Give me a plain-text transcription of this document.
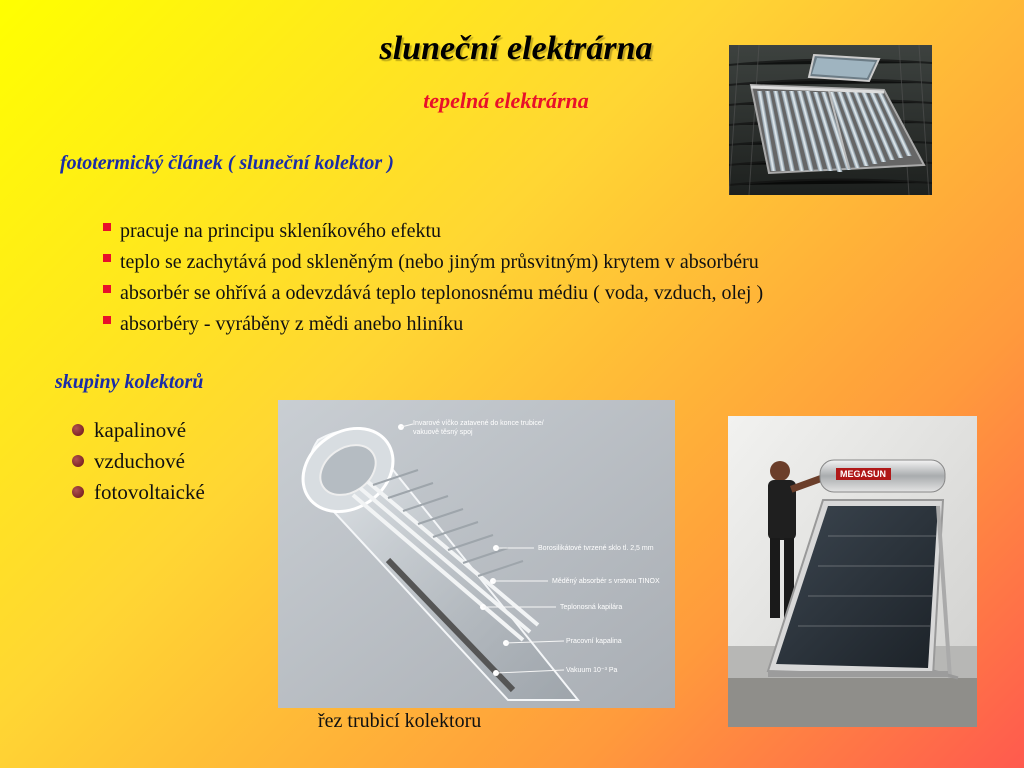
sluneční elektrárna
tepelná elektrárna
fototermický článek ( sluneční kolektor )
pracuje na principu skleníkového efektu
teplo se zachytává pod skleněným (nebo jiným průsvitným) krytem v absorbéru
absorbér se ohřívá a odevzdává teplo teplonosnému médiu ( voda, vzduch, olej )
absorbéry - vyráběny z mědi anebo hliníku
skupiny kolektorů
kapalinové
vzduchové
fotovoltaické
Invarové víčko zatavené do konce trubice/
vakuově těsný spoj
Borosilikátové tvrzené sklo tl. 2,5 mm
Měděný absorbér s vrstvou TINOX
Teplonosná kapilára
Pracovní kapalina
Vakuum 10⁻³ Pa
řez trubicí kolektoru
MEGASUN
